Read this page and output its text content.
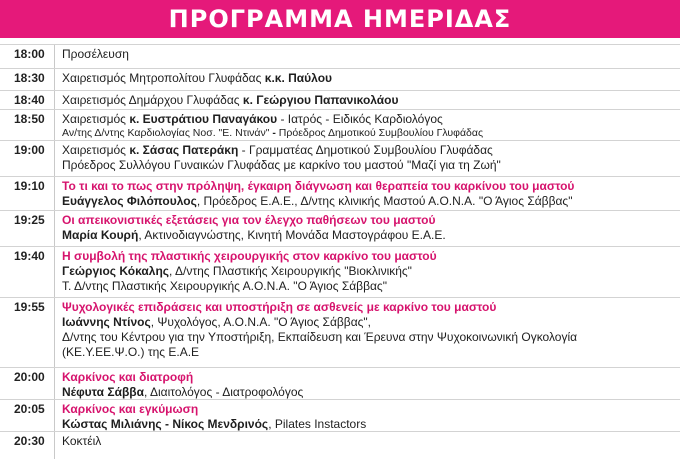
ΠΡΟΓΡΑΜΜΑ ΗΜΕΡΙΔΑΣ
18:00	Προσέλευση
18:30	Χαιρετισμός Μητροπολίτου Γλυφάδας κ.κ. Παύλου
18:40	Χαιρετισμός Δημάρχου Γλυφάδας κ. Γεώργιου Παπανικολάου
18:50	Χαιρετισμός κ. Ευστράτιου Παναγάκου - Ιατρός - Ειδικός Καρδιολόγος
Αν/της Δ/ντης Καρδιολογίας Νοσ. "Ε. Ντινάν" - Πρόεδρος Δημοτικού Συμβουλίου Γλυφάδας
19:00	Χαιρετισμός κ. Σάσας Πατεράκη - Γραμματέας Δημοτικού Συμβουλίου Γλυφάδας
Πρόεδρος Συλλόγου Γυναικών Γλυφάδας με καρκίνο του μαστού "Μαζί για τη Ζωή"
19:10	Το τι και το πως στην πρόληψη, έγκαιρη διάγνωση και θεραπεία του καρκίνου του μαστού
Ευάγγελος Φιλόπουλος, Πρόεδρος Ε.Α.Ε., Δ/ντης κλινικής Μαστού Α.Ο.Ν.Α. "Ο Άγιος Σάββας"
19:25	Οι απεικονιστικές εξετάσεις για τον έλεγχο παθήσεων του μαστού
Μαρία Κουρή, Ακτινοδιαγνώστης, Κινητή Μονάδα Μαστογράφου Ε.Α.Ε.
19:40	Η συμβολή της πλαστικής χειρουργικής στον καρκίνο του μαστού
Γεώργιος Κόκαλης, Δ/ντης Πλαστικής Χειρουργικής "Βιοκλινικής"
Τ. Δ/ντης Πλαστικής Χειρουργικής Α.Ο.Ν.Α. "Ο Άγιος Σάββας"
19:55	Ψυχολογικές επιδράσεις και υποστήριξη σε ασθενείς με καρκίνο του μαστού
Ιωάννης Ντίνος, Ψυχολόγος, Α.Ο.Ν.Α. "Ο Άγιος Σάββας",
Δ/ντης του Κέντρου για την Υποστήριξη, Εκπαίδευση και Έρευνα στην Ψυχοκοινωνική Ογκολογία
(ΚΕ.Υ.ΕΕ.Ψ.Ο.) της Ε.Α.Ε
20:00	Καρκίνος και διατροφή
Νέφυτα Σάββα, Διαιτολόγος - Διατροφολόγος
20:05	Καρκίνος και εγκύμωση
Κώστας Μιλιάνης - Νίκος Μενδρινός, Pilates Instactors
20:30	Κοκτέιλ
